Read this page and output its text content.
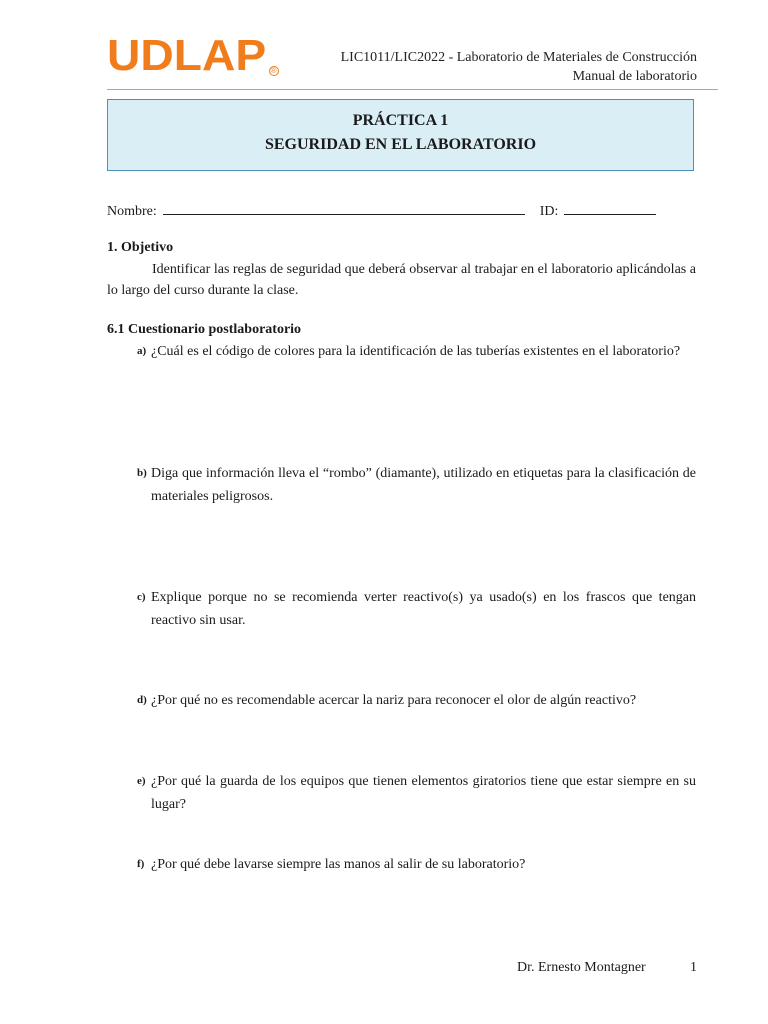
UDLAP ®
LIC1011/LIC2022 - Laboratorio de Materiales de Construcción
Manual de laboratorio
PRÁCTICA 1
SEGURIDAD EN EL LABORATORIO
Nombre:	ID:
1. Objetivo
Identificar las reglas de seguridad que deberá observar al trabajar en el laboratorio aplicándolas a lo largo del curso durante la clase.
6.1 Cuestionario postlaboratorio
a) ¿Cuál es el código de colores para la identificación de las tuberías existentes en el laboratorio?
b) Diga que información lleva el “rombo” (diamante), utilizado en etiquetas para la clasificación de materiales peligrosos.
c) Explique porque no se recomienda verter reactivo(s) ya usado(s) en los frascos que tengan reactivo sin usar.
d) ¿Por qué no es recomendable acercar la nariz para reconocer el olor de algún reactivo?
e) ¿Por qué la guarda de los equipos que tienen elementos giratorios tiene que estar siempre en su lugar?
f) ¿Por qué debe lavarse siempre las manos al salir de su laboratorio?
Dr. Ernesto Montagner	1
